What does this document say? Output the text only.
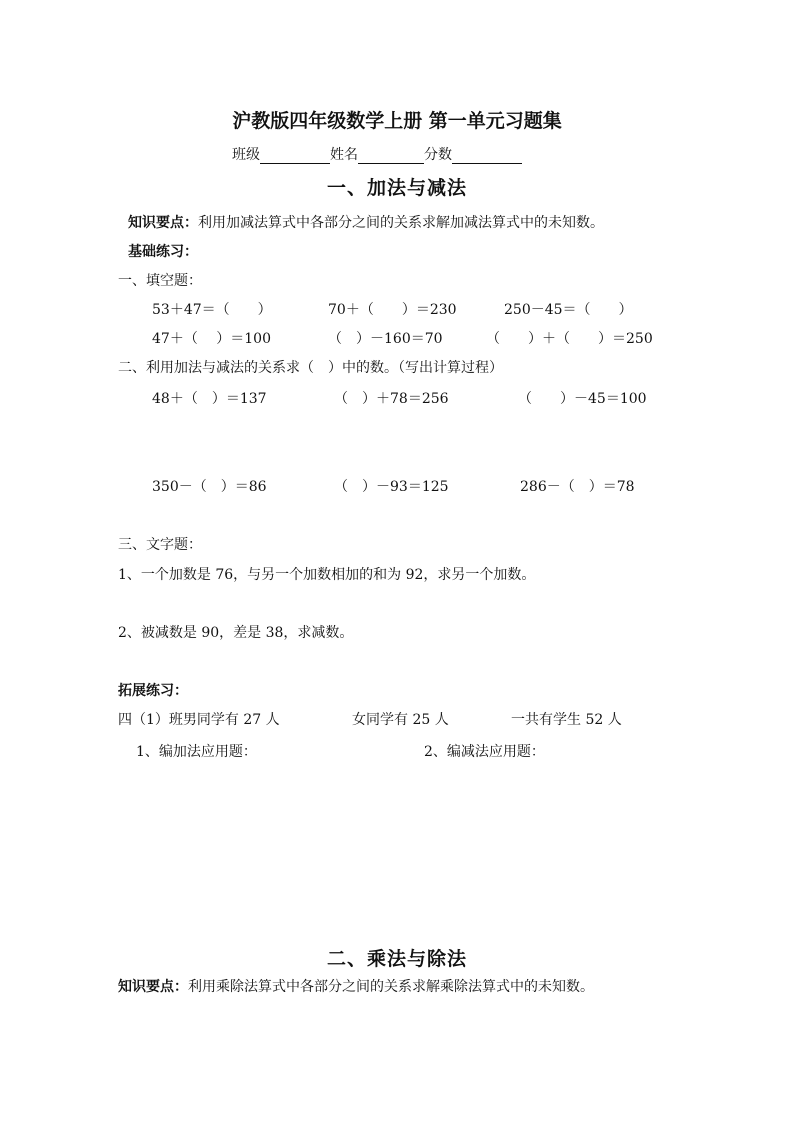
沪教版四年级数学上册 第一单元习题集
班级	姓名	分数
一、加法与减法
知识要点：利用加减法算式中各部分之间的关系求解加减法算式中的未知数。
基础练习：
一、填空题：
53＋47＝（　　）	70＋（　　）＝230	250－45＝（　　）
47＋（　 ）＝100	（　）－160＝70	（　　）＋（　　）＝250
二、利用加法与减法的关系求（　）中的数。（写出计算过程）
48＋（　）＝137	（　）＋78＝256	（　　）－45＝100
350－（　）＝86	（　）－93＝125	286－（　）＝78
三、文字题：
1、一个加数是 76，与另一个加数相加的和为 92，求另一个加数。
2、被减数是 90，差是 38，求减数。
拓展练习：
四（1）班男同学有 27 人	女同学有 25 人	一共有学生 52 人
1、编加法应用题：	2、编减法应用题：
二、乘法与除法
知识要点：利用乘除法算式中各部分之间的关系求解乘除法算式中的未知数。
